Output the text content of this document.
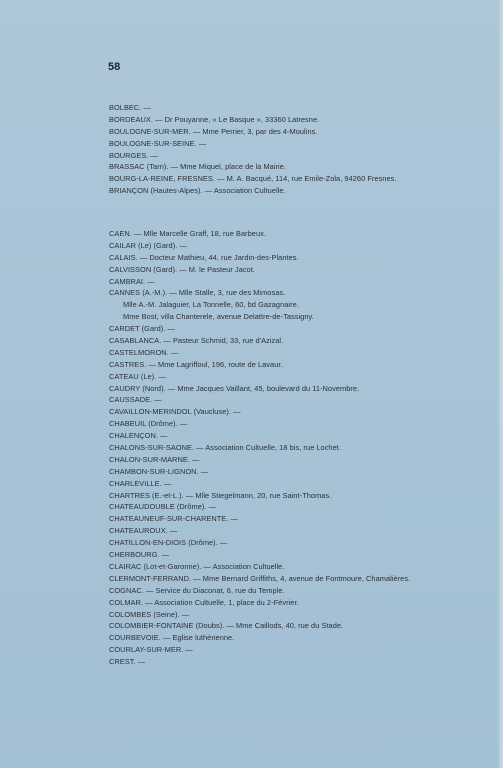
58
BOLBEC. —
BORDEAUX. — Dr Pouyanne, « Le Basque », 33360 Latresne.
BOULOGNE-SUR-MER. — Mme Perrier, 3, par des 4-Moulins.
BOULOGNE-SUR-SEINE. —
BOURGES. —
BRASSAC (Tarn). — Mme Miquel, place de la Mairie.
BOURG-LA-REINE, FRESNES. — M. A. Bacqué, 114, rue Emile-Zola, 94260 Fresnes.
BRIANÇON (Hautes-Alpes). — Association Cultuelle.
CAEN. — Mlle Marcelle Graff, 18, rue Barbeux.
CAILAR (Le) (Gard). —
CALAIS. — Docteur Mathieu, 44, rue Jardin-des-Plantes.
CALVISSON (Gard). — M. le Pasteur Jacot.
CAMBRAI. —
CANNES (A.-M.). — Mlle Stalle, 3, rue des Mimosas.
Mlle A.-M. Jalaguier, La Tonnelle, 60, bd Gazagnaire.
Mme Bost, villa Chanterele, avenue Delattre-de-Tassigny.
CARDET (Gard). —
CASABLANCA. — Pasteur Schmid, 33, rue d'Azizal.
CASTELMORON. —
CASTRES. — Mme Lagriffoul, 196, route de Lavaur.
CATEAU (Le). —
CAUDRY (Nord). — Mme Jacques Vaillant, 45, boulevard du 11-Novembre.
CAUSSADE. —
CAVAILLON-MERINDOL (Vaucluse). —
CHABEUIL (Drôme). —
CHALENÇON. —
CHALONS-SUR-SAONE. — Association Cultuelle, 18 bis, rue Lochet.
CHALON-SUR-MARNE. —
CHAMBON-SUR-LIGNON. —
CHARLEVILLE. —
CHARTRES (E.-et-L.). — Mlle Stiegelmann, 20, rue Saint-Thomas.
CHATEAUDOUBLE (Drôme). —
CHATEAUNEUF-SUR-CHARENTE. —
CHATEAUROUX. —
CHATILLON-EN-DIOIS (Drôme). —
CHERBOURG. —
CLAIRAC (Lot-et-Garonne). — Association Cultuelle.
CLERMONT-FERRAND. — Mme Bernard Griffiths, 4, avenue de Fontmoure, Chamalières.
COGNAC. — Service du Diaconat, 6, rue du Temple.
COLMAR. — Association Cultuelle, 1, place du 2-Février.
COLOMBES (Seine). —
COLOMBIER-FONTAINE (Doubs). — Mme Caillods, 40, rue du Stade.
COURBEVOIE. — Eglise luthérienne.
COURLAY-SUR-MER. —
CREST. —
